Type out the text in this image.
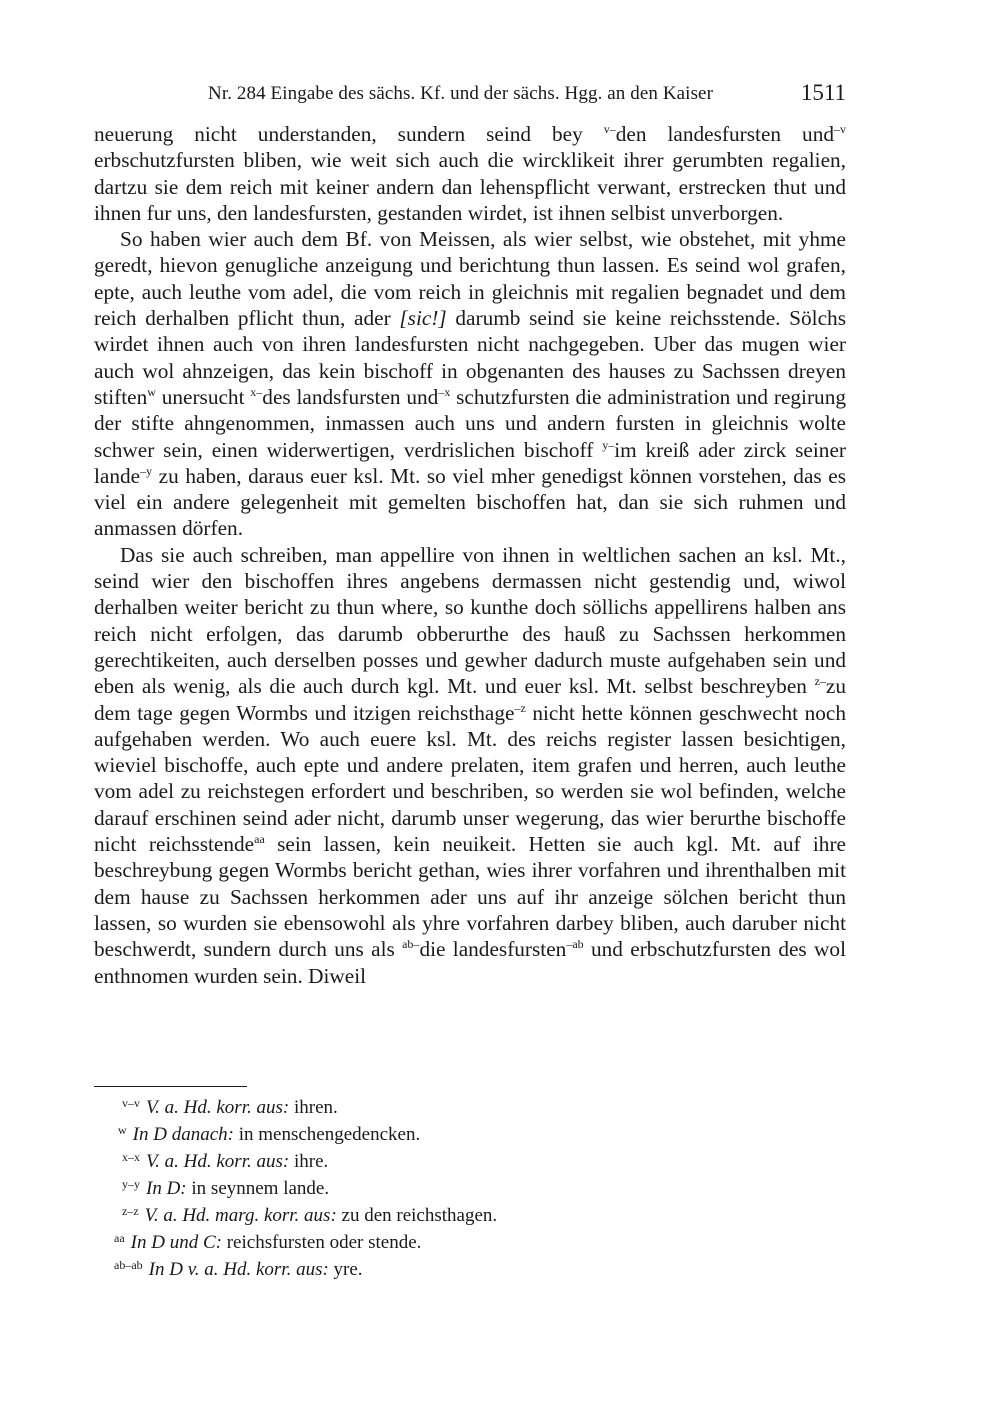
Nr. 284 Eingabe des sächs. Kf. und der sächs. Hgg. an den Kaiser	1511

neuerung nicht understanden, sundern seind bey $^{v-}$den landesfursten und$^{-v}$ erbschutzfursten bliben, wie weit sich auch die wircklikeit ihrer gerumbten regalien, dartzu sie dem reich mit keiner andern dan lehenspflicht verwant, erstrecken thut und ihnen fur uns, den landesfursten, gestanden wirdet, ist ihnen selbist unverborgen.

So haben wier auch dem Bf. von Meissen, als wier selbst, wie obstehet, mit yhme geredt, hievon genugliche anzeigung und berichtung thun lassen. Es seind wol grafen, epte, auch leuthe vom adel, die vom reich in gleichnis mit regalien begnadet und dem reich derhalben pflicht thun, ader [sic!] darumb seind sie keine reichsstende. Sölchs wirdet ihnen auch von ihren landesfursten nicht nachgegeben. Uber das mugen wier auch wol ahnzeigen, das kein bischoff in obgenanten des hauses zu Sachssen dreyen stiften$^w$ unersucht $^{x-}$des landsfursten und$^{-x}$ schutzfursten die administration und regirung der stifte ahngenommen, inmassen auch uns und andern fursten in gleichnis wolte schwer sein, einen widerwertigen, verdrislichen bischoff $^{y-}$im kreiß ader zirck seiner lande$^{-y}$ zu haben, daraus euer ksl. Mt. so viel mher genedigst können vorstehen, das es viel ein andere gelegenheit mit gemelten bischoffen hat, dan sie sich ruhmen und anmassen dörfen.

Das sie auch schreiben, man appellire von ihnen in weltlichen sachen an ksl. Mt., seind wier den bischoffen ihres angebens dermassen nicht gestendig und, wiwol derhalben weiter bericht zu thun where, so kunthe doch söllichs appellirens halben ans reich nicht erfolgen, das darumb obberurthe des hauß zu Sachssen herkommen gerechtikeiten, auch derselben posses und gewher dadurch muste aufgehaben sein und eben als wenig, als die auch durch kgl. Mt. und euer ksl. Mt. selbst beschreyben $^{z-}$zu dem tage gegen Wormbs und itzigen reichsthage$^{-z}$ nicht hette können geschwecht noch aufgehaben werden. Wo auch euere ksl. Mt. des reichs register lassen besichtigen, wieviel bischoffe, auch epte und andere prelaten, item grafen und herren, auch leuthe vom adel zu reichstegen erfordert und beschriben, so werden sie wol befinden, welche darauf erschinen seind ader nicht, darumb unser wegerung, das wier berurthe bischoffe nicht reichsstende$^{aa}$ sein lassen, kein neuikeit. Hetten sie auch kgl. Mt. auf ihre beschreybung gegen Wormbs bericht gethan, wies ihrer vorfahren und ihrenthalben mit dem hause zu Sachssen herkommen ader uns auf ihr anzeige sölchen bericht thun lassen, so wurden sie ebensowohl als yhre vorfahren darbey bliben, auch daruber nicht beschwerdt, sundern durch uns als $^{ab-}$die landesfursten$^{-ab}$ und erbschutzfursten des wol enthnomen wurden sein. Diweil

v–v V. a. Hd. korr. aus: ihren.
w In D danach: in menschengedencken.
x–x V. a. Hd. korr. aus: ihre.
y–y In D: in seynnem lande.
z–z V. a. Hd. marg. korr. aus: zu den reichsthagen.
aa In D und C: reichsfursten oder stende.
ab–ab In D v. a. Hd. korr. aus: yre.
